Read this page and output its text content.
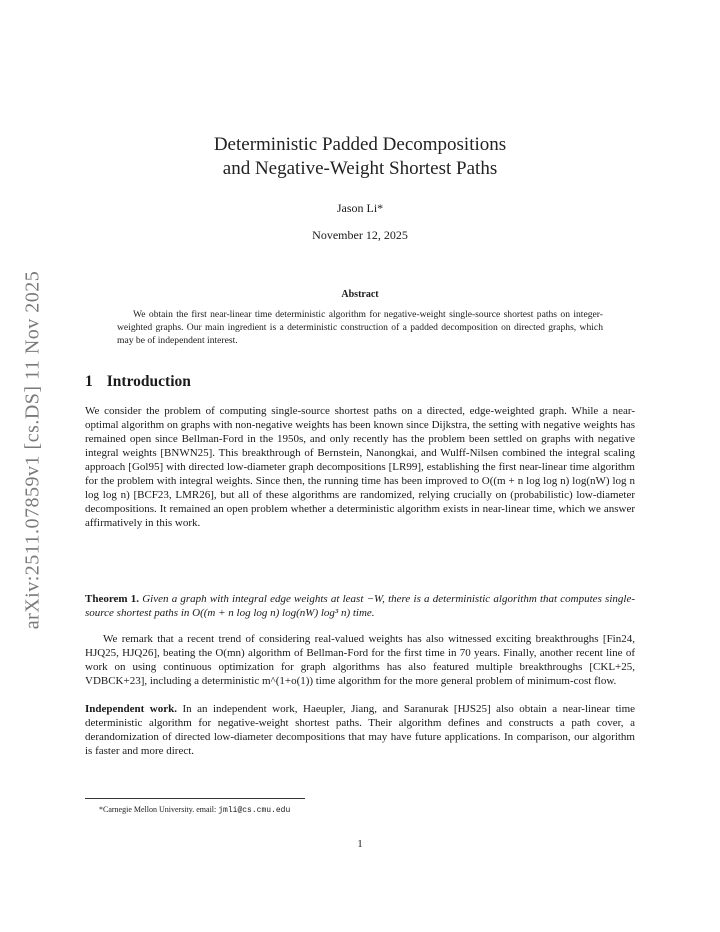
arXiv:2511.07859v1 [cs.DS] 11 Nov 2025
Deterministic Padded Decompositions
and Negative-Weight Shortest Paths
Jason Li*
November 12, 2025
Abstract
We obtain the first near-linear time deterministic algorithm for negative-weight single-source shortest paths on integer-weighted graphs. Our main ingredient is a deterministic construction of a padded decomposition on directed graphs, which may be of independent interest.
1 Introduction
We consider the problem of computing single-source shortest paths on a directed, edge-weighted graph. While a near-optimal algorithm on graphs with non-negative weights has been known since Dijkstra, the setting with negative weights has remained open since Bellman-Ford in the 1950s, and only recently has the problem been settled on graphs with negative integral weights [BNWN25]. This breakthrough of Bernstein, Nanongkai, and Wulff-Nilsen combined the integral scaling approach [Gol95] with directed low-diameter graph decompositions [LR99], establishing the first near-linear time algorithm for the problem with integral weights. Since then, the running time has been improved to O((m + n log log n) log(nW) log n log log n) [BCF23, LMR26], but all of these algorithms are randomized, relying crucially on (probabilistic) low-diameter decompositions. It remained an open problem whether a deterministic algorithm exists in near-linear time, which we answer affirmatively in this work.
Theorem 1. Given a graph with integral edge weights at least −W, there is a deterministic algorithm that computes single-source shortest paths in O((m + n log log n) log(nW) log³ n) time.
We remark that a recent trend of considering real-valued weights has also witnessed exciting breakthroughs [Fin24, HJQ25, HJQ26], beating the O(mn) algorithm of Bellman-Ford for the first time in 70 years. Finally, another recent line of work on using continuous optimization for graph algorithms has also featured multiple breakthroughs [CKL+25, VDBCK+23], including a deterministic m^(1+o(1)) time algorithm for the more general problem of minimum-cost flow.
Independent work. In an independent work, Haeupler, Jiang, and Saranurak [HJS25] also obtain a near-linear time deterministic algorithm for negative-weight shortest paths. Their algorithm defines and constructs a path cover, a derandomization of directed low-diameter decompositions that may have future applications. In comparison, our algorithm is faster and more direct.
*Carnegie Mellon University. email: jmli@cs.cmu.edu
1
